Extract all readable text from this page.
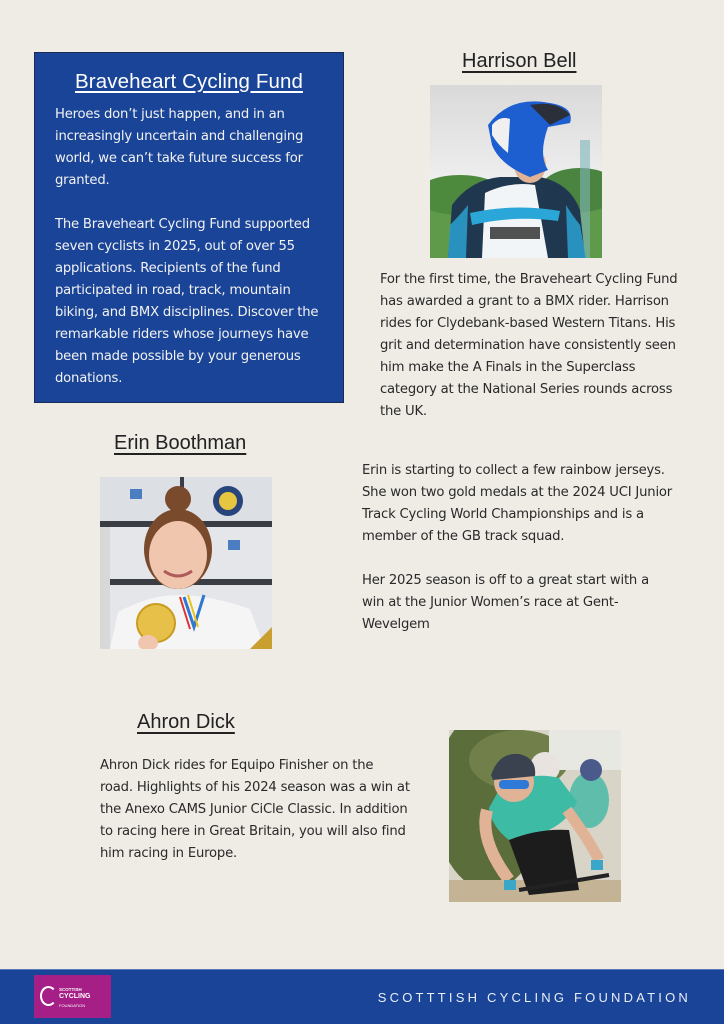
Braveheart Cycling Fund

Heroes don’t just happen, and in an increasingly uncertain and challenging world, we can’t take future success for granted.

The Braveheart Cycling Fund supported seven cyclists in 2025, out of over 55 applications. Recipients of the fund participated in road, track, mountain biking, and BMX disciplines. Discover the remarkable riders whose journeys have been made possible by your generous donations.

Harrison Bell

For the first time, the Braveheart Cycling Fund has awarded a grant to a BMX rider. Harrison rides for Clydebank-based Western Titans. His grit and determination have consistently seen him make the A Finals in the Superclass category at the National Series rounds across the UK.

Erin Boothman

Erin is starting to collect a few rainbow jerseys. She won two gold medals at the 2024 UCI Junior Track Cycling World Championships and is a member of the GB track squad.

Her 2025 season is off to a great start with a win at the Junior Women’s race at Gent-Wevelgem

Ahron Dick

Ahron Dick rides for Equipo Finisher on the road. Highlights of his 2024 season was a win at the Anexo CAMS Junior CiCle Classic. In addition to racing here in Great Britain, you will also find him racing in Europe.

SCOTTISH
CYCLING
FOUNDATION
SCOTTTISH CYCLING FOUNDATION
